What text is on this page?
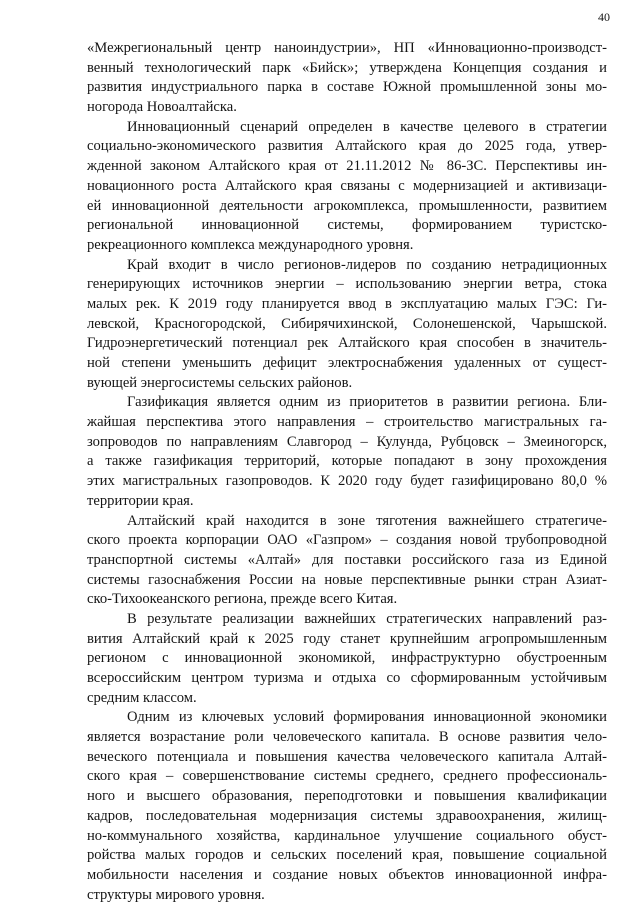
40
«Межрегиональный центр наноиндустрии», НП «Инновационно-производст-
венный технологический парк «Бийск»; утверждена Концепция создания и
развития индустриального парка в составе Южной промышленной зоны мо-
ногорода Новоалтайска.
Инновационный сценарий определен в качестве целевого в стратегии
социально-экономического развития Алтайского края до 2025 года, утвер-
жденной законом Алтайского края от 21.11.2012 № 86-ЗС. Перспективы ин-
новационного роста Алтайского края связаны с модернизацией и активизаци-
ей инновационной деятельности агрокомплекса, промышленности, развитием
региональной инновационной системы, формированием туристско-
рекреационного комплекса международного уровня.
Край входит в число регионов-лидеров по созданию нетрадиционных
генерирующих источников энергии – использованию энергии ветра, стока
малых рек. К 2019 году планируется ввод в эксплуатацию малых ГЭС: Ги-
левской, Красногородской, Сибирячихинской, Солонешенской, Чарышской.
Гидроэнергетический потенциал рек Алтайского края способен в значитель-
ной степени уменьшить дефицит электроснабжения удаленных от сущест-
вующей энергосистемы сельских районов.
Газификация является одним из приоритетов в развитии региона. Бли-
жайшая перспектива этого направления – строительство магистральных га-
зопроводов по направлениям Славгород – Кулунда, Рубцовск – Змеиногорск,
а также газификация территорий, которые попадают в зону прохождения
этих магистральных газопроводов. К 2020 году будет газифицировано 80,0 %
территории края.
Алтайский край находится в зоне тяготения важнейшего стратегиче-
ского проекта корпорации ОАО «Газпром» – создания новой трубопроводной
транспортной системы «Алтай» для поставки российского газа из Единой
системы газоснабжения России на новые перспективные рынки стран Азиат-
ско-Тихоокеанского региона, прежде всего Китая.
В результате реализации важнейших стратегических направлений раз-
вития Алтайский край к 2025 году станет крупнейшим агропромышленным
регионом с инновационной экономикой, инфраструктурно обустроенным
всероссийским центром туризма и отдыха со сформированным устойчивым
средним классом.
Одним из ключевых условий формирования инновационной экономики
является возрастание роли человеческого капитала. В основе развития чело-
веческого потенциала и повышения качества человеческого капитала Алтай-
ского края – совершенствование системы среднего, среднего профессиональ-
ного и высшего образования, переподготовки и повышения квалификации
кадров, последовательная модернизация системы здравоохранения, жилищ-
но-коммунального хозяйства, кардинальное улучшение социального обуст-
ройства малых городов и сельских поселений края, повышение социальной
мобильности населения и создание новых объектов инновационной инфра-
структуры мирового уровня.
